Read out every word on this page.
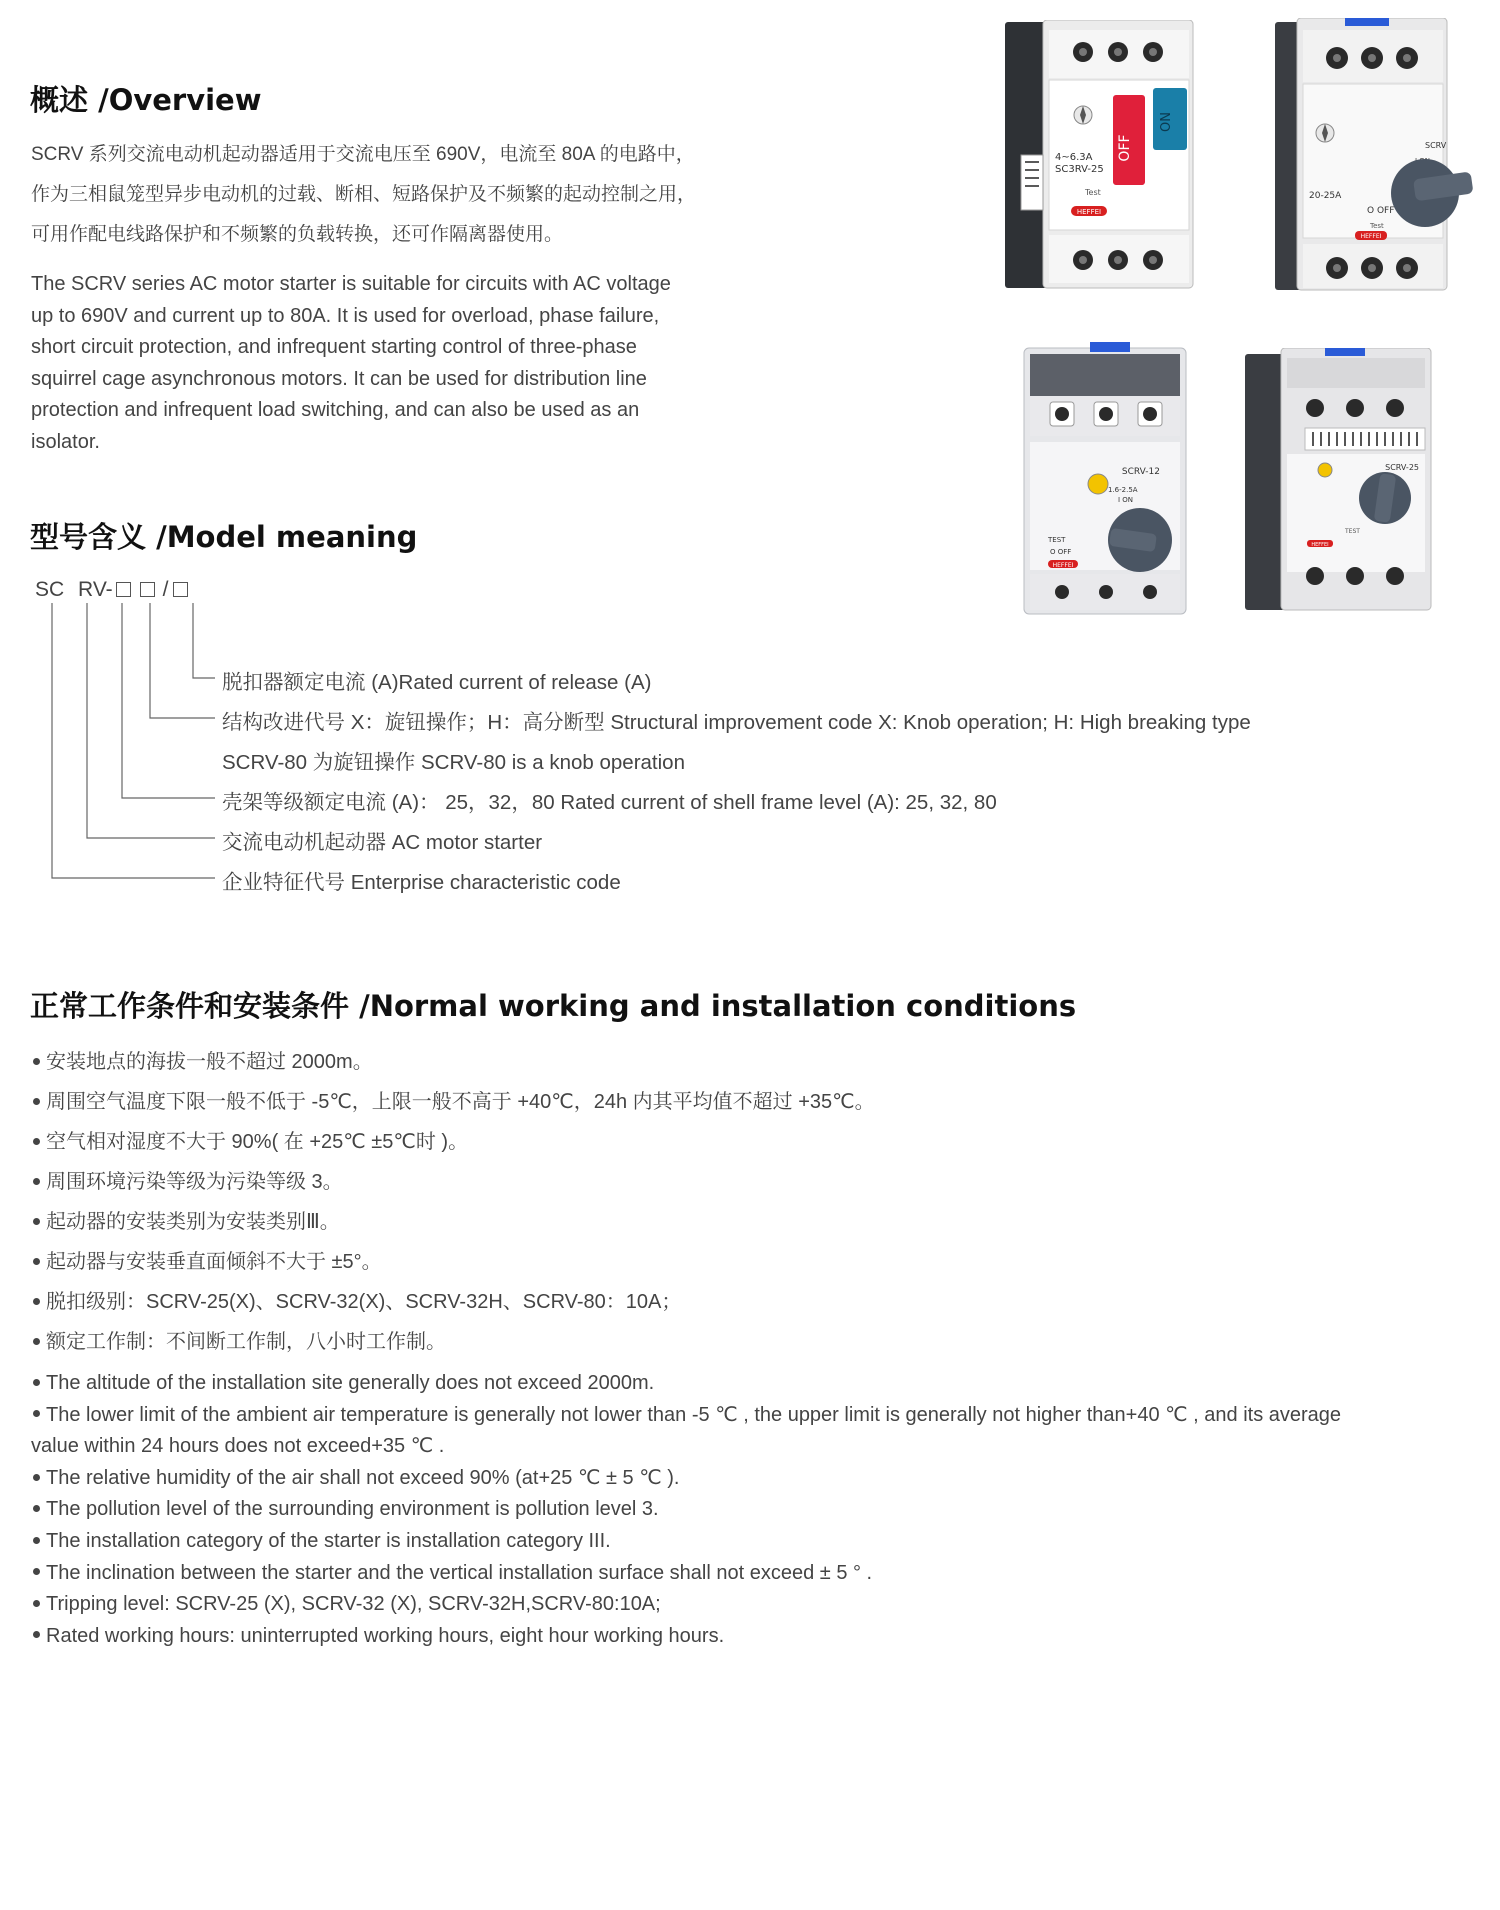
概述 /Overview
SCRV 系列交流电动机起动器适用于交流电压至 690V，电流至 80A 的电路中，
作为三相鼠笼型异步电动机的过载、断相、短路保护及不频繁的起动控制之用，
可用作配电线路保护和不频繁的负载转换，还可作隔离器使用。
The SCRV series AC motor starter is suitable for circuits with AC voltage
up to 690V and current up to 80A. It is used for overload, phase failure,
short circuit protection, and infrequent starting control of three-phase
squirrel cage asynchronous motors. It can be used for distribution line
protection and infrequent load switching, and can also be used as an
isolator.
OFF
ON
4~6.3A
SC3RV-25
Test
HEFFEI
SCRV
20-25A
O OFF
Test
HEFFEI
SCRV-12
1.6-2.5A
I ON
TEST
O OFF
HEFFEI
SCRV-25
TEST
HEFFEI
型号含义 /Model meaning
SC RV- /
脱扣器额定电流 (A)Rated current of release (A)
结构改进代号 X：旋钮操作；H：高分断型 Structural improvement code X: Knob operation; H: High breaking type
SCRV-80 为旋钮操作 SCRV-80 is a knob operation
壳架等级额定电流 (A)： 25，32，80 Rated current of shell frame level (A): 25, 32, 80
交流电动机起动器 AC motor starter
企业特征代号 Enterprise characteristic code
正常工作条件和安装条件 /Normal working and installation conditions
安装地点的海拔一般不超过 2000m。
周围空气温度下限一般不低于 -5℃，上限一般不高于 +40℃，24h 内其平均值不超过 +35℃。
空气相对湿度不大于 90%( 在 +25℃ ±5℃时 )。
周围环境污染等级为污染等级 3。
起动器的安装类别为安装类别Ⅲ。
起动器与安装垂直面倾斜不大于 ±5°。
脱扣级别：SCRV-25(X)、SCRV-32(X)、SCRV-32H、SCRV-80：10A；
额定工作制：不间断工作制，八小时工作制。
The altitude of the installation site generally does not exceed 2000m.
The lower limit of the ambient air temperature is generally not lower than -5 ℃ , the upper limit is generally not higher than+40 ℃ , and its average
value within 24 hours does not exceed+35 ℃ .
The relative humidity of the air shall not exceed 90% (at+25 ℃ ± 5 ℃ ).
The pollution level of the surrounding environment is pollution level 3.
The installation category of the starter is installation category III.
The inclination between the starter and the vertical installation surface shall not exceed ± 5 ° .
Tripping level: SCRV-25 (X), SCRV-32 (X), SCRV-32H,SCRV-80:10A;
Rated working hours: uninterrupted working hours, eight hour working hours.
